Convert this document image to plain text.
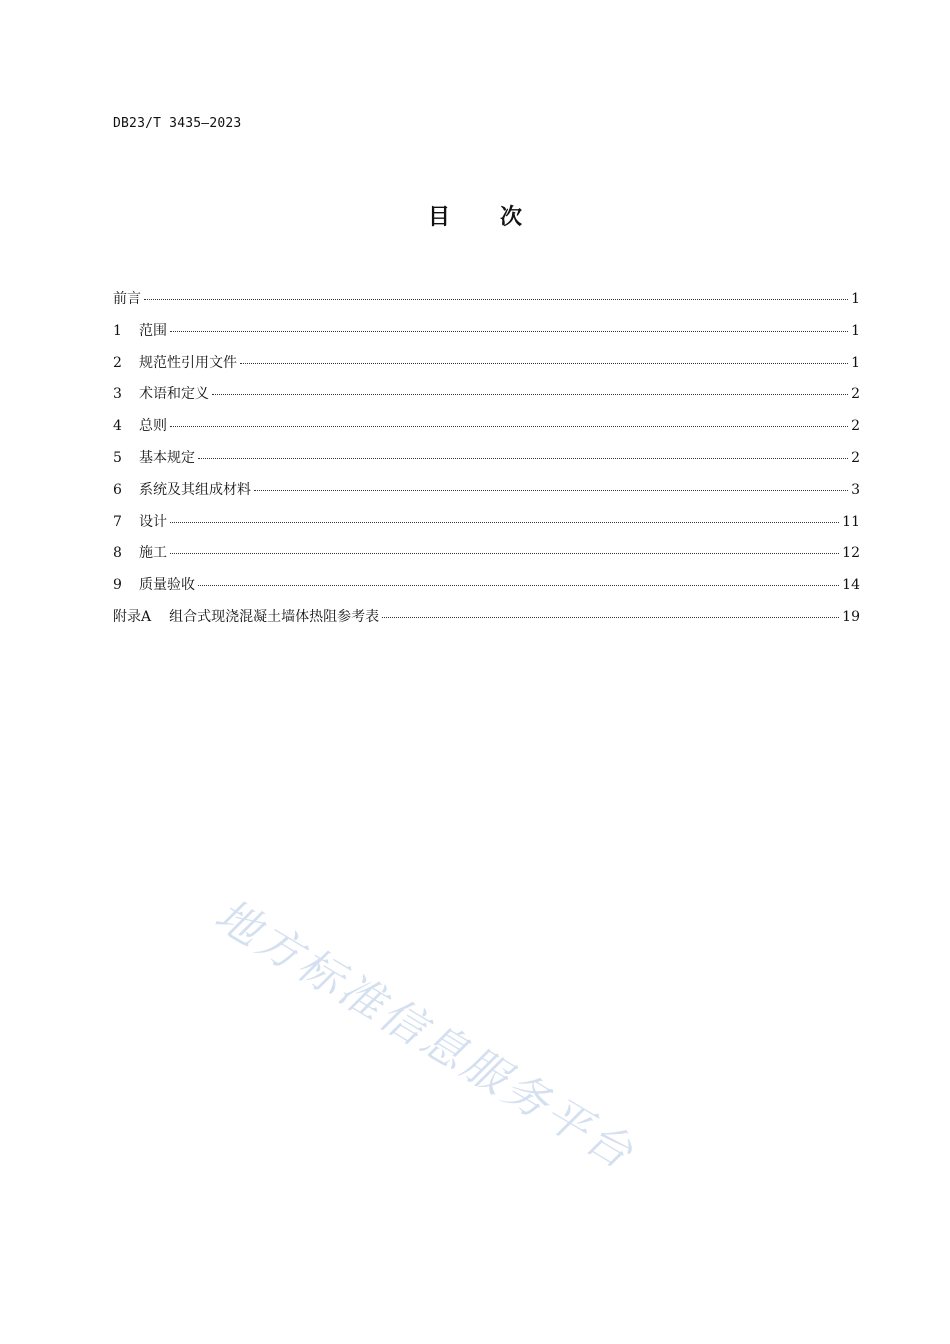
DB23/T 3435—2023
目 次
前言	1
1	范围	1
2	规范性引用文件	1
3	术语和定义	2
4	总则	2
5	基本规定	2
6	系统及其组成材料	3
7	设计	11
8	施工	12
9	质量验收	14
附录A 组合式现浇混凝土墙体热阻参考表	19
地方标准信息服务平台
